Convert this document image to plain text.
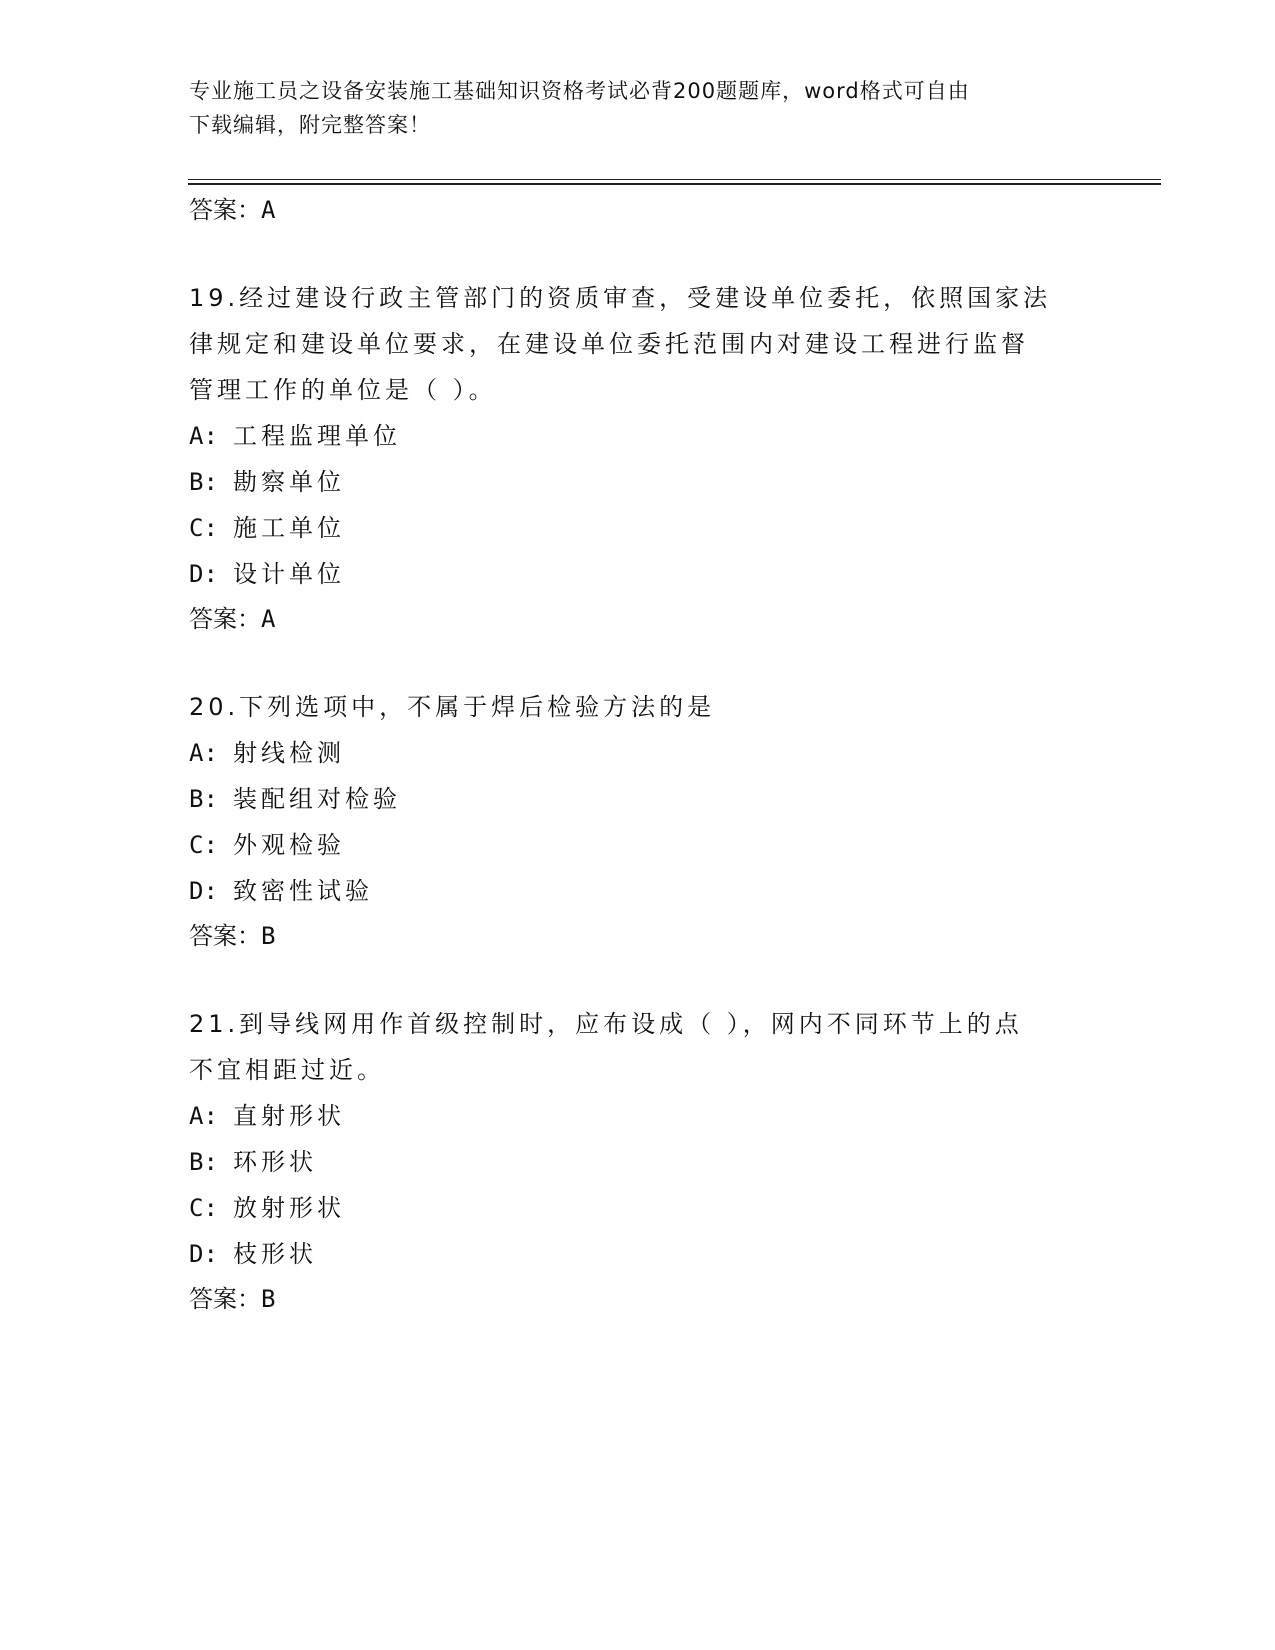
专业施工员之设备安装施工基础知识资格考试必背200题题库，word格式可自由
下载编辑，附完整答案！
答案：A
19.经过建设行政主管部门的资质审查，受建设单位委托，依照国家法
律规定和建设单位要求，在建设单位委托范围内对建设工程进行监督
管理工作的单位是（ ）。
A: 工程监理单位
B: 勘察单位
C: 施工单位
D: 设计单位
答案：A
20.下列选项中，不属于焊后检验方法的是
A: 射线检测
B: 装配组对检验
C: 外观检验
D: 致密性试验
答案：B
21.到导线网用作首级控制时，应布设成（ ），网内不同环节上的点
不宜相距过近。
A: 直射形状
B: 环形状
C: 放射形状
D: 枝形状
答案：B
